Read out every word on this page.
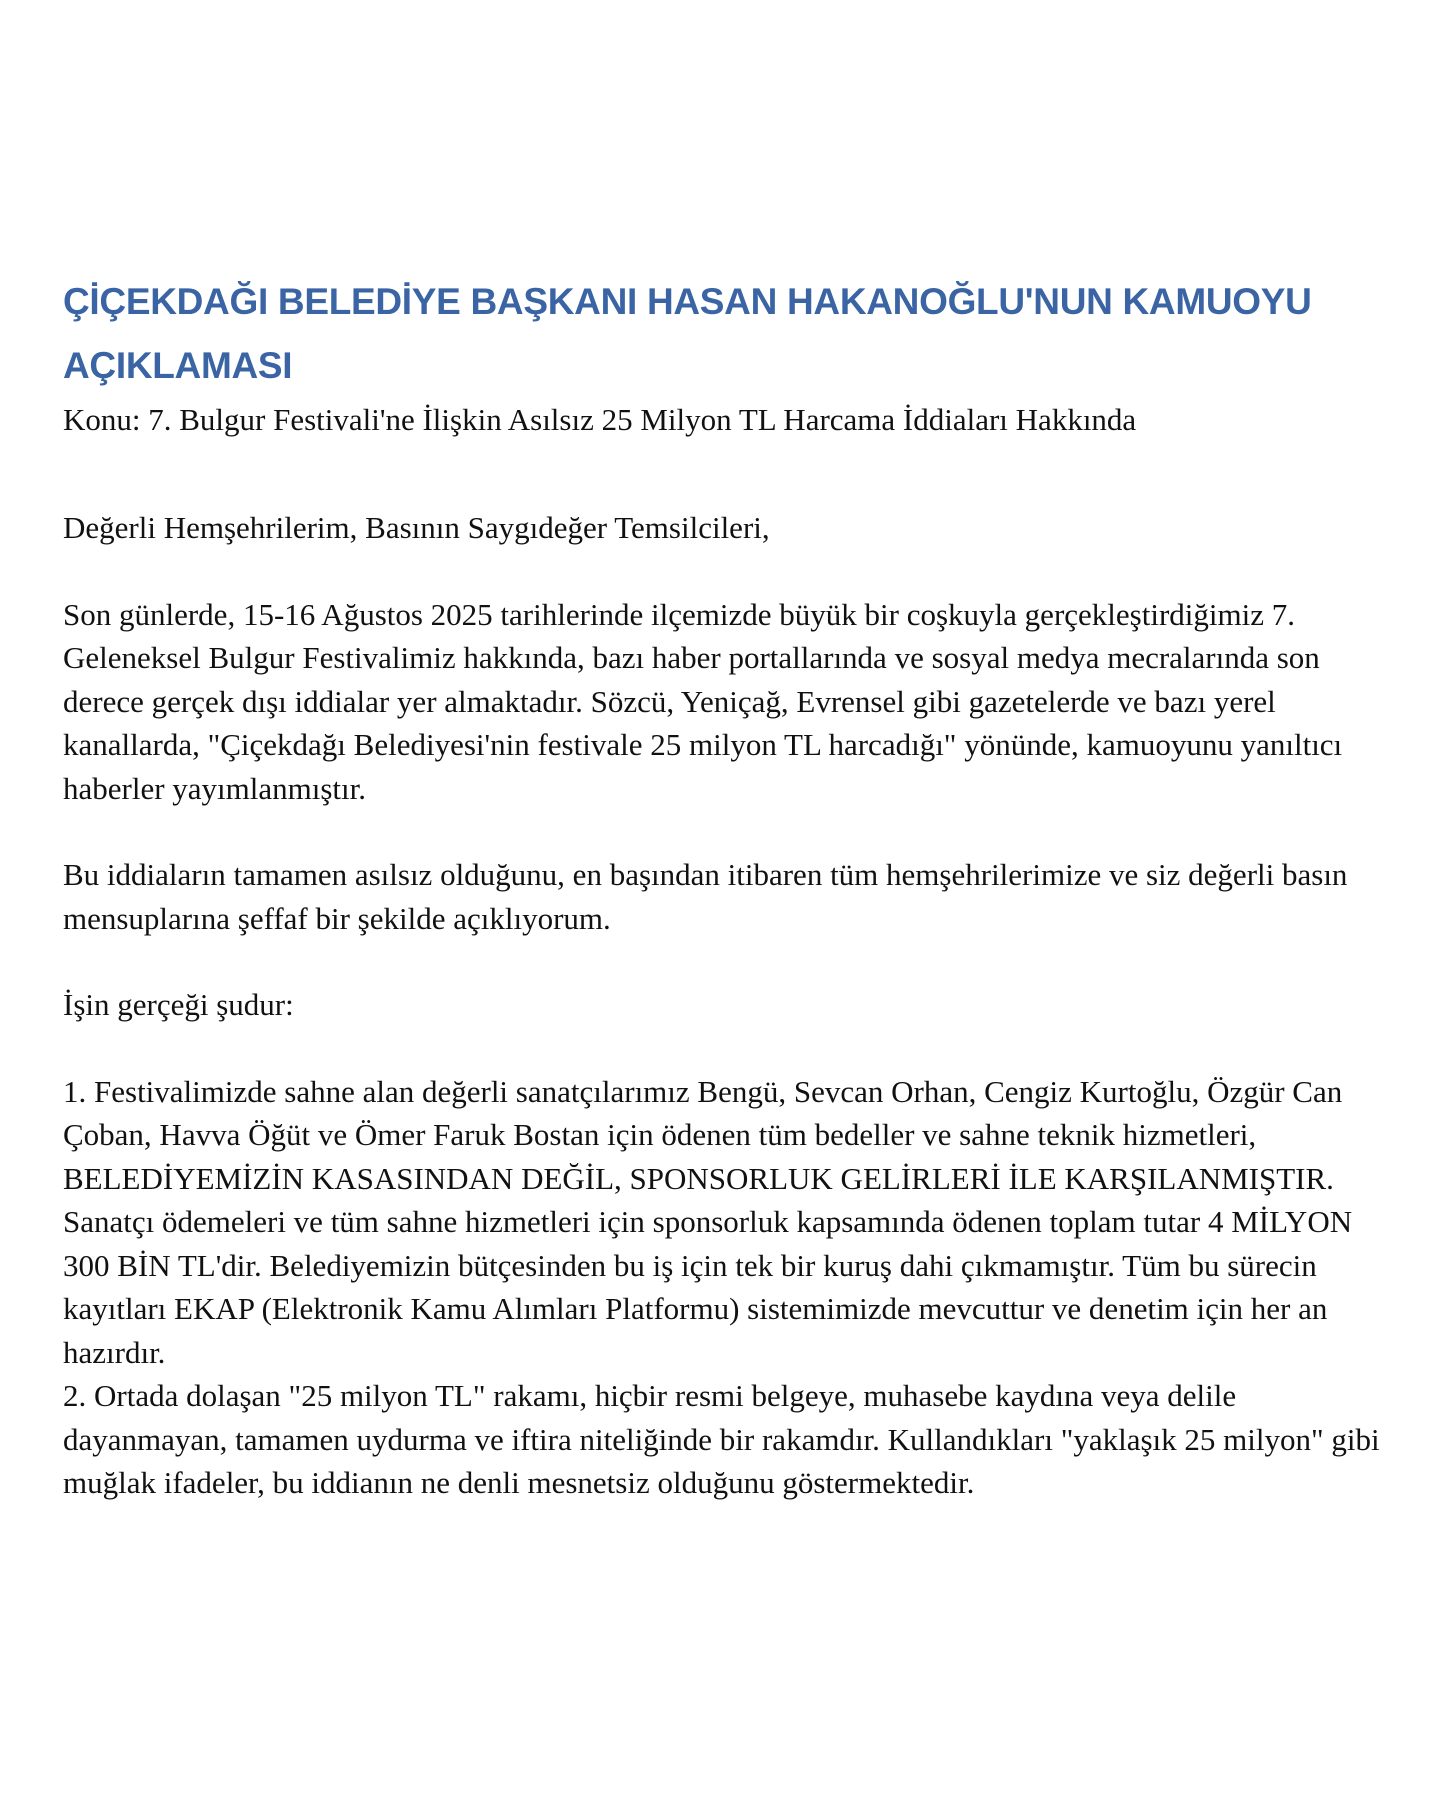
ÇİÇEKDAĞI BELEDİYE BAŞKANI HASAN HAKANOĞLU'NUN KAMUOYU AÇIKLAMASI

Konu: 7. Bulgur Festivali'ne İlişkin Asılsız 25 Milyon TL Harcama İddiaları Hakkında

Değerli Hemşehrilerim, Basının Saygıdeğer Temsilcileri,

Son günlerde, 15-16 Ağustos 2025 tarihlerinde ilçemizde büyük bir coşkuyla gerçekleştirdiğimiz 7. Geleneksel Bulgur Festivalimiz hakkında, bazı haber portallarında ve sosyal medya mecralarında son derece gerçek dışı iddialar yer almaktadır. Sözcü, Yeniçağ, Evrensel gibi gazetelerde ve bazı yerel kanallarda, "Çiçekdağı Belediyesi'nin festivale 25 milyon TL harcadığı" yönünde, kamuoyunu yanıltıcı haberler yayımlanmıştır.

Bu iddiaların tamamen asılsız olduğunu, en başından itibaren tüm hemşehrilerimize ve siz değerli basın mensuplarına şeffaf bir şekilde açıklıyorum.

İşin gerçeği şudur:

1. Festivalimizde sahne alan değerli sanatçılarımız Bengü, Sevcan Orhan, Cengiz Kurtoğlu, Özgür Can Çoban, Havva Öğüt ve Ömer Faruk Bostan için ödenen tüm bedeller ve sahne teknik hizmetleri, BELEDİYEMİZİN KASASINDAN DEĞİL, SPONSORLUK GELİRLERİ İLE KARŞILANMIŞTIR. Sanatçı ödemeleri ve tüm sahne hizmetleri için sponsorluk kapsamında ödenen toplam tutar 4 MİLYON 300 BİN TL'dir. Belediyemizin bütçesinden bu iş için tek bir kuruş dahi çıkmamıştır. Tüm bu sürecin kayıtları EKAP (Elektronik Kamu Alımları Platformu) sistemimizde mevcuttur ve denetim için her an hazırdır.

2. Ortada dolaşan "25 milyon TL" rakamı, hiçbir resmi belgeye, muhasebe kaydına veya delile dayanmayan, tamamen uydurma ve iftira niteliğinde bir rakamdır. Kullandıkları "yaklaşık 25 milyon" gibi muğlak ifadeler, bu iddianın ne denli mesnetsiz olduğunu göstermektedir.
